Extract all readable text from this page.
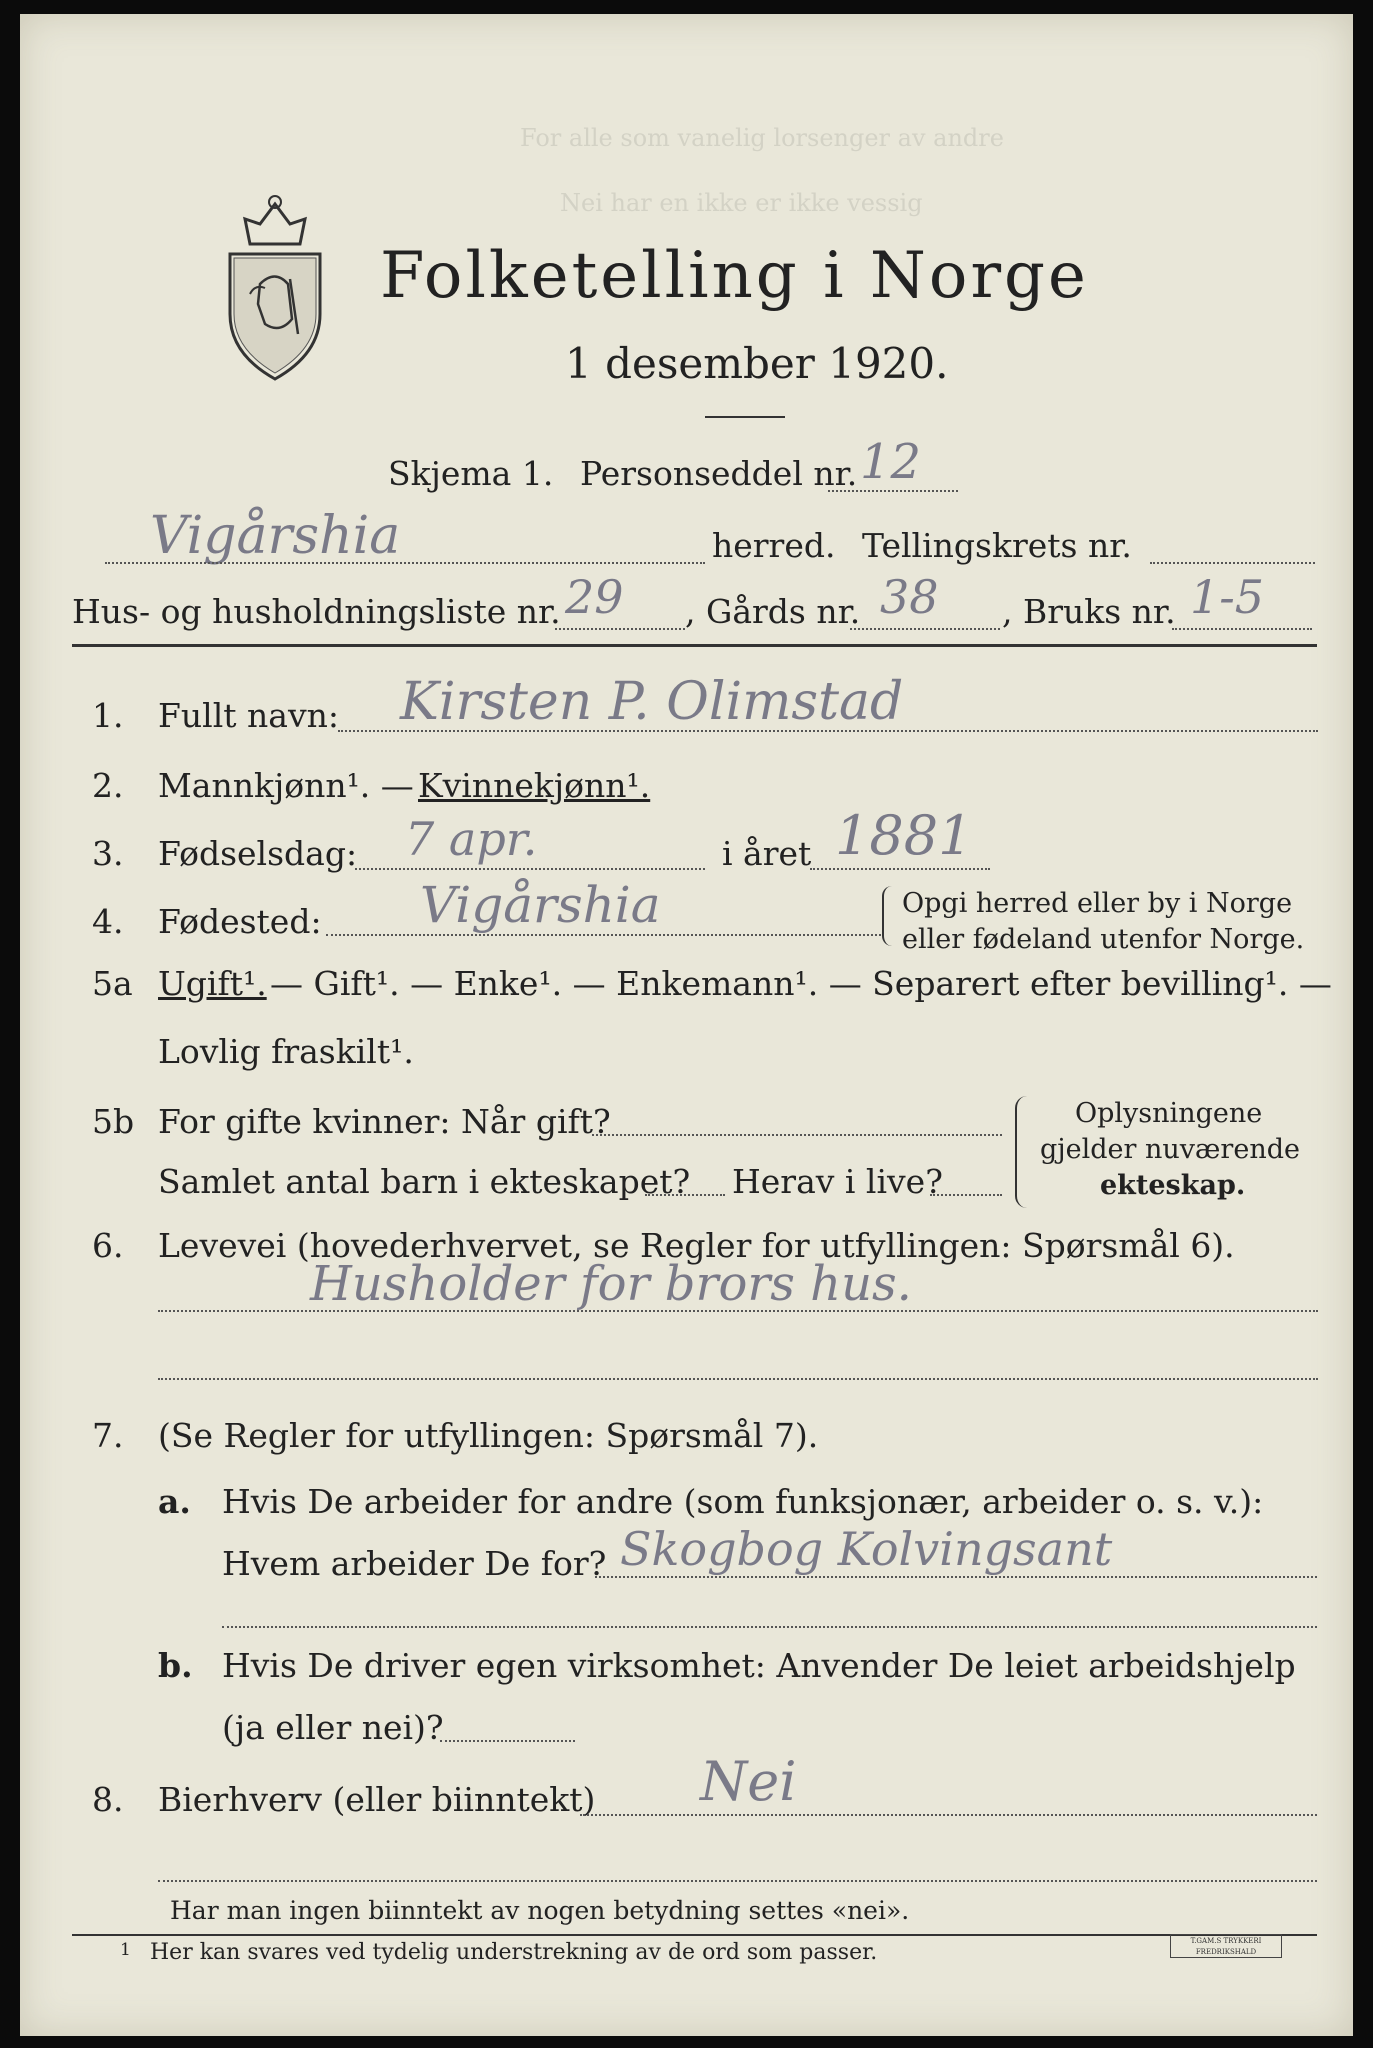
For alle som vanelig lorsenger av andre
Nei har en ikke er ikke vessig
Folketelling i Norge
1 desember 1920.
Skjema 1. Personseddel nr. 12
Vigårshia	herred. Tellingskrets nr.
Hus- og husholdningsliste nr. 29 , Gårds nr. 38 , Bruks nr. 1-5
1. Fullt navn: Kirsten P. Olimstad
2. Mannkjønn¹. — Kvinnekjønn¹.
3. Fødselsdag: 7 apr.	i året 1881
4. Fødested: Vigårshia	Opgi herred eller by i Norge
eller fødeland utenfor Norge.
5a Ugift¹. — Gift¹. — Enke¹. — Enkemann¹. — Separert efter bevilling¹. —
Lovlig fraskilt¹.
5b For gifte kvinner: Når gift?
Samlet antal barn i ekteskapet? Herav i live?
Oplysningene
gjelder nuværende
ekteskap.
6. Levevei (hovederhvervet, se Regler for utfyllingen: Spørsmål 6).
Husholder for brors hus.
7. (Se Regler for utfyllingen: Spørsmål 7).
a. Hvis De arbeider for andre (som funksjonær, arbeider o. s. v.):
Hvem arbeider De for? Skogbog Kolvingsant
b. Hvis De driver egen virksomhet: Anvender De leiet arbeidshjelp
(ja eller nei)?
8. Bierhverv (eller biinntekt) Nei
Har man ingen biinntekt av nogen betydning settes «nei».
1 Her kan svares ved tydelig understrekning av de ord som passer.	T.GAM.S TRYKKERI FREDRIKSHALD
